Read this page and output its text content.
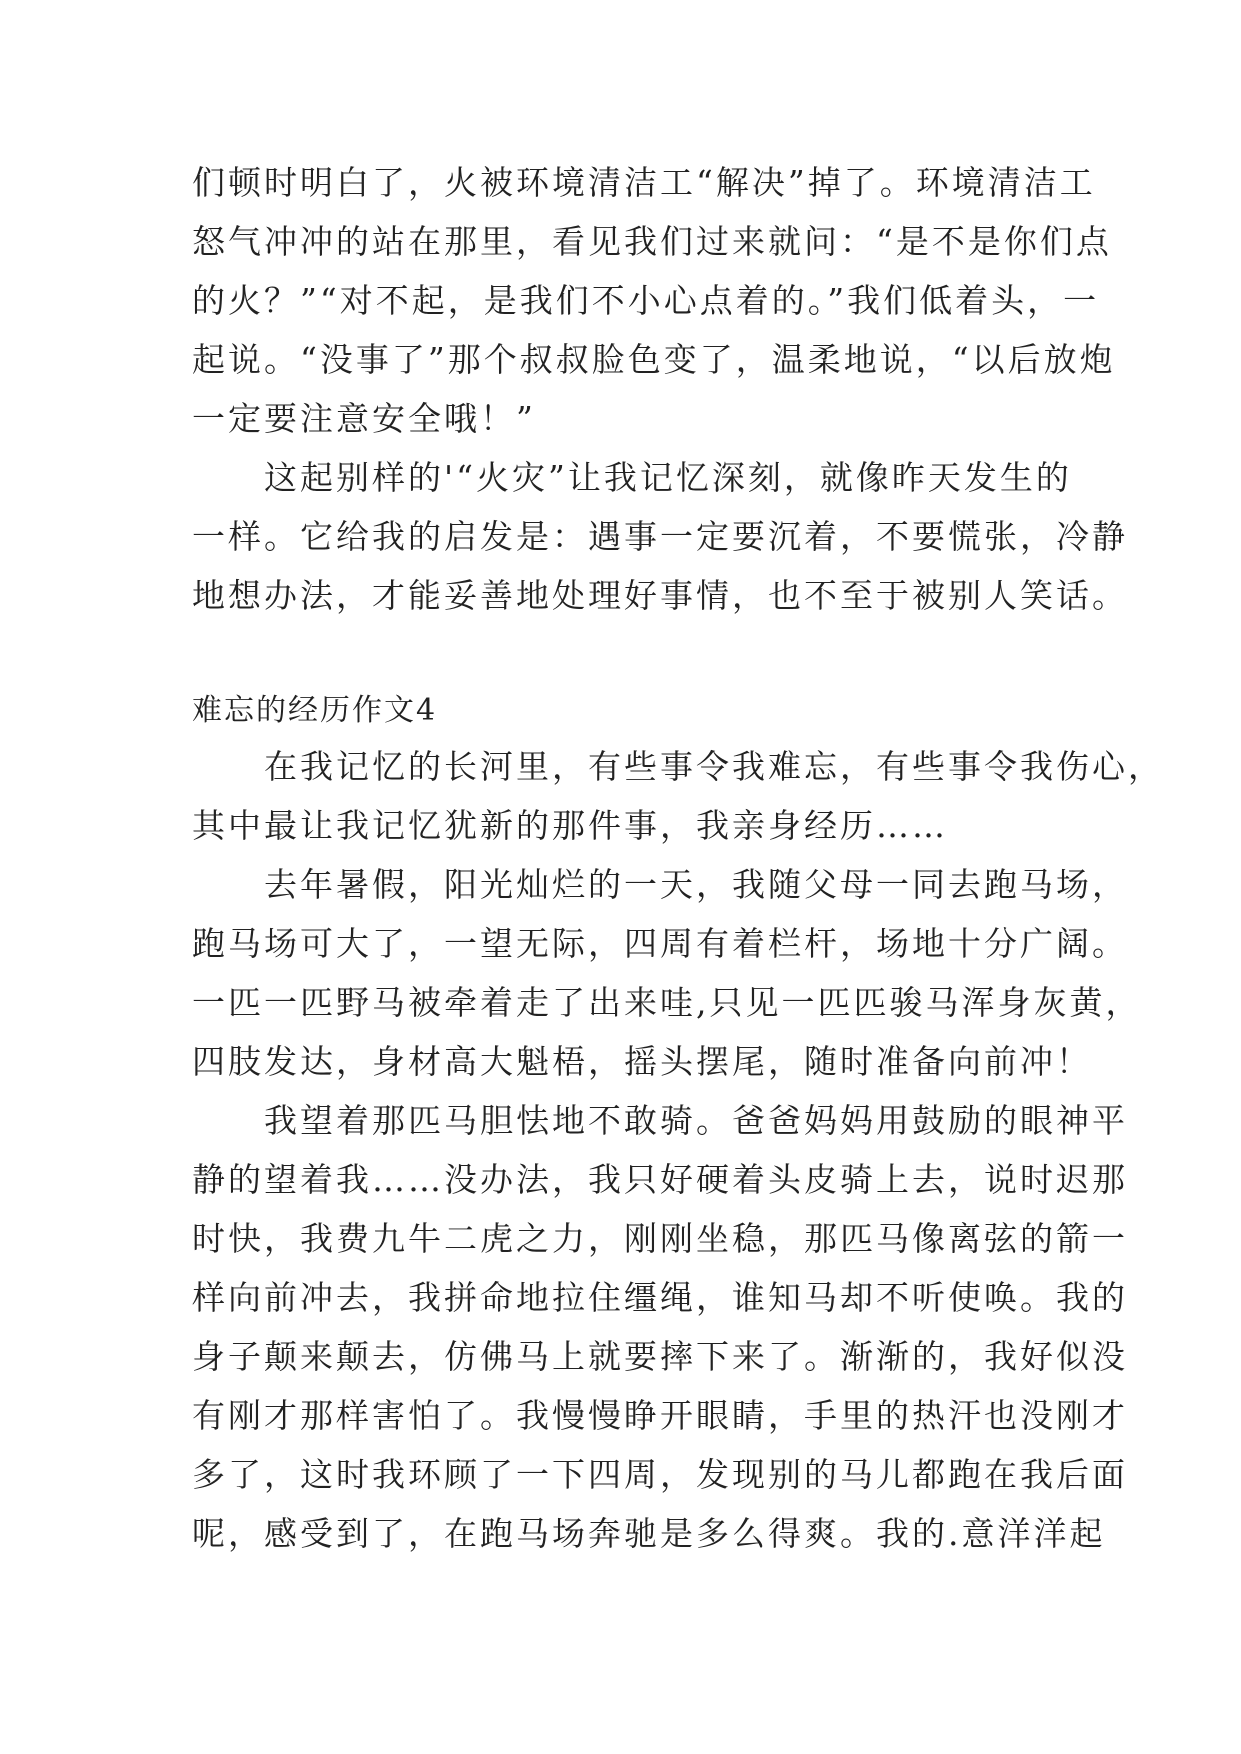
们顿时明白了，火被环境清洁工“解决”掉了。环境清洁工
怒气冲冲的站在那里，看见我们过来就问：“是不是你们点
的火？”“对不起，是我们不小心点着的。”我们低着头，一
起说。“没事了”那个叔叔脸色变了，温柔地说，“以后放炮
一定要注意安全哦！”
　　这起别样的'“火灾”让我记忆深刻，就像昨天发生的
一样。它给我的启发是：遇事一定要沉着，不要慌张，冷静
地想办法，才能妥善地处理好事情，也不至于被别人笑话。
难忘的经历作文4
　　在我记忆的长河里，有些事令我难忘，有些事令我伤心，
其中最让我记忆犹新的那件事，我亲身经历……
　　去年暑假，阳光灿烂的一天，我随父母一同去跑马场，
跑马场可大了，一望无际，四周有着栏杆，场地十分广阔。
一匹一匹野马被牵着走了出来哇,只见一匹匹骏马浑身灰黄，
四肢发达，身材高大魁梧，摇头摆尾，随时准备向前冲！
　　我望着那匹马胆怯地不敢骑。爸爸妈妈用鼓励的眼神平
静的望着我……没办法，我只好硬着头皮骑上去，说时迟那
时快，我费九牛二虎之力，刚刚坐稳，那匹马像离弦的箭一
样向前冲去，我拼命地拉住缰绳，谁知马却不听使唤。我的
身子颠来颠去，仿佛马上就要摔下来了。渐渐的，我好似没
有刚才那样害怕了。我慢慢睁开眼睛，手里的热汗也没刚才
多了，这时我环顾了一下四周，发现别的马儿都跑在我后面
呢，感受到了，在跑马场奔驰是多么得爽。我的.意洋洋起
